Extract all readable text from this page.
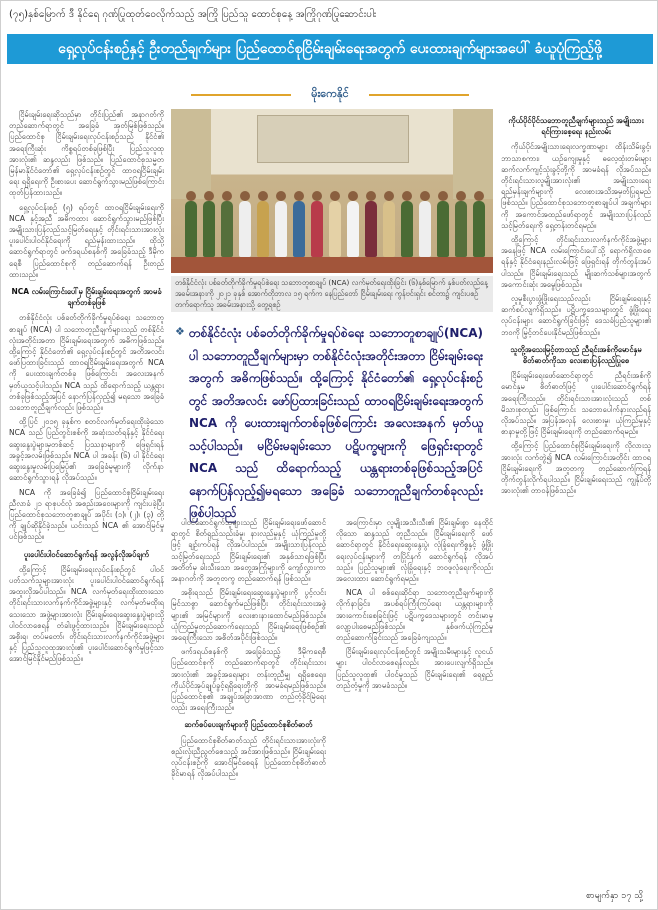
(၇၅)နှစ်မြောက် ဒီ နိုင်ရေ ဂုဏ်ပြုထုတ်ဝေလိုက်သည့် အကြို ပြည်သူ ထောင်စုနေ့ အကြိုဂုဏ်ပြုဆောင်းပါး
ရှေ့လုပ်ငန်းစဉ်နှင့် ဦးတည်ချက်များ ပြည်ထောင်စုငြိမ်းချမ်းရေးအတွက် ပေးထားချက်များအပေါ် ခံယူပုံကြည့်ဖို့
မိုးကေနိုင်

ငြိမ်းချမ်းရေးဆိုသည်မှာ တိုင်းပြည်၏ အနာဂတ်ကို တည်ဆောက်ရာတွင် အခြေခံ အုတ်မြစ်ဖြစ်သည်။ ပြည်ထောင်စု ငြိမ်းချမ်းရေးလုပ်ငန်းစဉ်သည် နိုင်ငံ၏ အရေးကြီးဆုံး ကိစ္စရပ်တစ်ခုဖြစ်ပြီး ပြည်သူလူထုအားလုံး၏ ဆန္ဒလည်း ဖြစ်သည်။ ပြည်ထောင်စုသမ္မတ မြန်မာနိုင်ငံတော်၏ ရှေ့လုပ်ငန်းစဉ်တွင် ထာဝရငြိမ်းချမ်းရေး ရရှိရေးကို ဦးစားပေး ဆောင်ရွက်သွားမည်ဖြစ်ကြောင်း ထုတ်ပြန်ထားသည်။

ရှေ့လုပ်ငန်းစဉ် (၅) ရပ်တွင် ထာဝရငြိမ်းချမ်းရေးကို NCA နှင့်အညီ အဓိကထား ဆောင်ရွက်သွားမည်ဖြစ်ပြီး အမျိုးသားပြန်လည်သင့်မြတ်ရေးနှင့် တိုင်းရင်းသားအားလုံး ပူးပေါင်းပါဝင်နိုင်ရေးကို ရည်မှန်းထားသည်။ ထိုသို့ ဆောင်ရွက်ရာတွင် ဖက်ဒရယ်စနစ်ကို အခြေခံသည့် ဒီမိုကရေစီ ပြည်ထောင်စုကို တည်ဆောက်ရန် ဦးတည်ထားသည်။

NCA လမ်းကြောင်းပေါ်မှ ငြိမ်းချမ်းရေးအတွက် အာမခံချက်တစ်ခုဖြစ်

တစ်နိုင်ငံလုံး ပစ်ခတ်တိုက်ခိုက်မှုရပ်စဲရေး သဘောတူစာချုပ် (NCA) ပါ သဘောတူညီချက်များသည် တစ်နိုင်ငံလုံးအတိုင်းအတာ ငြိမ်းချမ်းရေးအတွက် အဓိကဖြစ်သည်။ ထို့ကြောင့် နိုင်ငံတော်၏ ရှေ့လုပ်ငန်းစဉ်တွင် အတိအလင်း ဖော်ပြထားခြင်းသည် ထာဝရငြိမ်းချမ်းရေးအတွက် NCA ကို ပေးထားချက်တစ်ခု ဖြစ်ကြောင်း အလေးအနက် မှတ်ယူသင့်ပါသည်။ NCA သည် ထိရောက်သည့် ယန္တရားတစ်ခုဖြစ်သည့်အပြင် နောက်ပြန်လှည့်၍ မရသော အခြေခံသဘောတူညီချက်လည်း ဖြစ်သည်။

ထို့ပြင် ၂၀၁၅ ခုနှစ်က စတင်လက်မှတ်ရေးထိုးခဲ့သော NCA သည် ပြည်တွင်းစစ်ကို အဆုံးသတ်ရန်နှင့် နိုင်ငံရေးဆွေးနွေးပွဲများမှတစ်ဆင့် ပြဿနာများကို ဖြေရှင်းရန် အခွင့်အလမ်းဖြစ်သည်။ NCA ပါ အခန်း (၆) ပါ နိုင်ငံရေးဆွေးနွေးမှုလမ်းပြမြေပုံ၏ အခြေခံမူများကို လိုက်နာဆောင်ရွက်သွားရန် လိုအပ်သည်။

NCA ကို အခြေခံ၍ ပြည်ထောင်စုငြိမ်းချမ်းရေးညီလာခံ ၂၁ ရာစုပင်လုံ အစည်းအဝေးများကို ကျင်းပခဲ့ပြီး ပြည်ထောင်စုသဘောတူစာချုပ် အပိုင်း (၁)၊ (၂)၊ (၃) တို့ကို ချုပ်ဆိုနိုင်ခဲ့သည်။ ယင်းသည် NCA ၏ အောင်မြင်မှုပင်ဖြစ်သည်။

ပူးပေါင်းပါဝင်ဆောင်ရွက်ရန် အလွန်လိုအပ်ချက်

ထို့ကြောင့် ငြိမ်းချမ်းရေးလုပ်ငန်းစဉ်တွင် ပါဝင်ပတ်သက်သူများအားလုံး ပူးပေါင်းပါဝင်ဆောင်ရွက်ရန် အထူးလိုအပ်ပါသည်။ NCA လက်မှတ်ရေးထိုးထားသော တိုင်းရင်းသားလက်နက်ကိုင်အဖွဲ့များနှင့် လက်မှတ်မထိုးရသေးသော အဖွဲ့များအားလုံး ငြိမ်းချမ်းရေးဆွေးနွေးပွဲများသို့ ပါဝင်လာစေရန် တံခါးဖွင့်ထားသည်။ ငြိမ်းချမ်းရေးသည် အစိုးရ၊ တပ်မတော်၊ တိုင်းရင်းသားလက်နက်ကိုင်အဖွဲ့များနှင့် ပြည်သူလူထုအားလုံး၏ ပူးပေါင်းဆောင်ရွက်မှုဖြင့်သာ အောင်မြင်နိုင်မည်ဖြစ်သည်။

တစ်နိုင်ငံလုံး ပစ်ခတ်တိုက်ခိုက်မှုရပ်စဲရေး သဘောတူစာချုပ် (NCA) လက်မှတ်ရေးထိုးခြင်း (၆)နှစ်မြောက် နှစ်ပတ်လည်နေ့ အခမ်းအနားကို ၂၀၂၁ ခုနှစ် အောက်တိုဘာလ ၁၅ ရက်က နေပြည်တော် ငြိမ်းချမ်းရေး ကွန်ဗင်းရှင်း စင်တာ၌ ကျင်းပစဉ် တက်ရောက်သူ အခမ်းအနားသို့ တွေ့ရစဉ်
❖ တစ်နိုင်ငံလုံး ပစ်ခတ်တိုက်ခိုက်မှုရပ်စဲရေး သဘောတူစာချုပ်(NCA) ပါ သဘောတူညီချက်များမှာ တစ်နိုင်ငံလုံးအတိုင်းအတာ ငြိမ်းချမ်းရေးအတွက် အဓိကဖြစ်သည်။ ထို့ကြောင့် နိုင်ငံတော်၏ ရှေ့လုပ်ငန်းစဉ်တွင် အတိအလင်း ဖော်ပြထားခြင်းသည် ထာဝရငြိမ်းချမ်းရေးအတွက် NCA ကို ပေးထားချက်တစ်ခုဖြစ်ကြောင်း အလေးအနက် မှတ်ယူ သင့်ပါသည်။ မငြိမ်းမချမ်းသော ပဋိပက္ခများကို ဖြေရှင်းရာတွင် NCA သည် ထိရောက်သည့် ယန္တရားတစ်ခုဖြစ်သည့်အပြင် နောက်ပြန်လှည့်၍မရသော အခြေခံ သဘောတူညီချက်တစ်ခုလည်း ဖြစ်ပါသည်

ကိုယ်ပိုင်ပိုင်သဘောတူညီချက်များသည် အမျိုးသားရင်ကြားစေ့ရေး နည်းလမ်း

ကိုယ်ပိုင်အမျိုးသားရေးလက္ခဏာများ ထိန်းသိမ်းခွင့်၊ ဘာသာစကား၊ ယဉ်ကျေးမှုနှင့် ဓလေ့ထုံးတမ်းများ ဆက်လက်ကျင့်သုံးခွင့်တို့ကို အာမခံရန် လိုအပ်သည်။ တိုင်းရင်းသားလူမျိုးအားလုံး၏ အမျိုးသားရေး ရည်မှန်းချက်များကို လေးစားအသိအမှတ်ပြုရမည်ဖြစ်သည်။ ပြည်ထောင်စုသဘောတူစာချုပ်ပါ အချက်များကို အကောင်အထည်ဖော်ရာတွင် အမျိုးသားပြန်လည်သင့်မြတ်ရေးကို ရှေ့တန်းတင်ရမည်။

ထို့ကြောင့် တိုင်းရင်းသားလက်နက်ကိုင်အဖွဲ့များအနေဖြင့် NCA လမ်းကြောင်းပေါ်သို့ ရောက်ရှိလာစေရန်နှင့် နိုင်ငံရေးနည်းလမ်းဖြင့် ဖြေရှင်းရန် တိုက်တွန်းအပ်ပါသည်။ ငြိမ်းချမ်းရေးသည် မျိုးဆက်သစ်များအတွက် အကောင်းဆုံး အမွေဖြစ်သည်။

လူမှုစီးပွားဖွံ့ဖြိုးရေးသည်လည်း ငြိမ်းချမ်းရေးနှင့် ဆက်စပ်လျက်ရှိသည်။ ပဋိပက္ခဒေသများတွင် ဖွံ့ဖြိုးရေးလုပ်ငန်းများ ဆောင်ရွက်ခြင်းဖြင့် ဒေသခံပြည်သူများ၏ ဘဝကို မြှင့်တင်ပေးနိုင်မည်ဖြစ်သည်။

သူတို့အသေးမြင့်တာသည် ညီရင်းအစ်ကိုမောင်နှမ စိတ်ဓာတ်ကိုသာ လေးစားပြန်လည်ပြုစေ

ငြိမ်းချမ်းရေးဖော်ဆောင်ရာတွင် ညီရင်းအစ်ကိုမောင်နှမ စိတ်ဓာတ်ဖြင့် ပူးပေါင်းဆောင်ရွက်ရန် အရေးကြီးသည်။ တိုင်းရင်းသားအားလုံးသည် တစ်မိသားစုတည်း ဖြစ်ကြောင်း သဘောပေါက်နားလည်ရန် လိုအပ်သည်။ အပြန်အလှန် လေးစားမှု၊ ယုံကြည်မှုနှင့် စာနာမှုတို့ဖြင့် ငြိမ်းချမ်းရေးကို တည်ဆောက်ရမည်။

ထို့ကြောင့် ပြည်ထောင်စုငြိမ်းချမ်းရေးကို လိုလားသူအားလုံး လက်တွဲ၍ NCA လမ်းကြောင်းအတိုင်း ထာဝရငြိမ်းချမ်းရေးကို အတူတကွ တည်ဆောက်ကြရန် တိုက်တွန်းလိုက်ရပါသည်။ ငြိမ်းချမ်းရေးသည် ကျွန်ုပ်တို့အားလုံး၏ တာဝန်ဖြစ်သည်။

ပါဝင်ဆောင်ရွက်သူများသည် ငြိမ်းချမ်းရေးဖော်ဆောင်ရာတွင် စိတ်ရှည်သည်းခံမှု၊ နားလည်မှုနှင့် ယုံကြည်မှုတို့ဖြင့် ချဉ်းကပ်ရန် လိုအပ်ပါသည်။ အမျိုးသားပြန်လည်သင့်မြတ်ရေးသည် ငြိမ်းချမ်းရေး၏ အနှစ်သာရဖြစ်ပြီး အတိတ်မှ ခါးသီးသော အတွေ့အကြုံများကို ကျော်လွှားကာ အနာဂတ်ကို အတူတကွ တည်ဆောက်ရန် ဖြစ်သည်။

အစိုးရသည် ငြိမ်းချမ်းရေးဆွေးနွေးပွဲများကို ပွင့်လင်းမြင်သာစွာ ဆောင်ရွက်မည်ဖြစ်ပြီး တိုင်းရင်းသားအဖွဲ့များ၏ အမြင်များကို လေးစားနားထောင်မည်ဖြစ်သည်။ ယုံကြည်မှုတည်ဆောက်ရေးသည် ငြိမ်းချမ်းရေးဖြစ်စဉ်၏ အရေးကြီးသော အစိတ်အပိုင်းဖြစ်သည်။

ဖက်ဒရယ်စနစ်ကို အခြေခံသည့် ဒီမိုကရေစီပြည်ထောင်စုကို တည်ဆောက်ရာတွင် တိုင်းရင်းသားအားလုံး၏ အခွင့်အရေးများ တန်းတူညီမျှ ရရှိစေရေး၊ ကိုယ်ပိုင်အုပ်ချုပ်ခွင့်ရရှိရေးတို့ကို အာမခံရမည်ဖြစ်သည်။ ပြည်ထောင်စု၏ အချုပ်အခြာအာဏာ တည်တံ့ခိုင်မြဲရေးလည်း အရေးကြီးသည်။

ဆက်စပ်ပေးချက်များကို ပြည်ထောင်စုစိတ်ဓာတ်

ပြည်ထောင်စုစိတ်ဓာတ်သည် တိုင်းရင်းသားအားလုံးကို စည်းလုံးညီညွတ်စေသည့် အင်အားဖြစ်သည်။ ငြိမ်းချမ်းရေးလုပ်ငန်းစဉ်ကို အောင်မြင်စေရန် ပြည်ထောင်စုစိတ်ဓာတ် ခိုင်မာရန် လိုအပ်ပါသည်။

အကြောင်းမှာ လူမျိုးအသီးသီး၏ ငြိမ်းချမ်းစွာ နေထိုင်လိုသော ဆန္ဒသည် တူညီသည်။ ငြိမ်းချမ်းရေးကို ဖော်ဆောင်ရာတွင် နိုင်ငံရေးဆွေးနွေးပွဲ၊ လုံခြုံရေးကိစ္စနှင့် ဖွံ့ဖြိုးရေးလုပ်ငန်းများကို တပြိုင်နက် ဆောင်ရွက်ရန် လိုအပ်သည်။ ပြည်သူများ၏ လုံခြုံရေးနှင့် ဘဝဖူလုံရေးကိုလည်း အလေးထား ဆောင်ရွက်ရမည်။

NCA ပါ စစ်ရေးဆိုင်ရာ သဘောတူညီချက်များကို လိုက်နာခြင်း၊ အပစ်ရပ်ကြီးကြပ်ရေး ယန္တရားများကို အားကောင်းစေခြင်းဖြင့် ပဋိပက္ခဒေသများတွင် တင်းမာမှုလျော့ပါးစေမည်ဖြစ်သည်။ နှစ်ဖက်ယုံကြည်မှု တည်ဆောက်ခြင်းသည် အခြေခံကျသည်။

ငြိမ်းချမ်းရေးလုပ်ငန်းစဉ်တွင် အမျိုးသမီးများနှင့် လူငယ်များ ပါဝင်လာစေရန်လည်း အားပေးလျက်ရှိသည်။ ပြည်သူလူထု၏ ပါဝင်မှုသည် ငြိမ်းချမ်းရေး၏ ရေရှည်တည်တံ့မှုကို အာမခံသည်။

စာမျက်နှာ ၁၇ သို့
